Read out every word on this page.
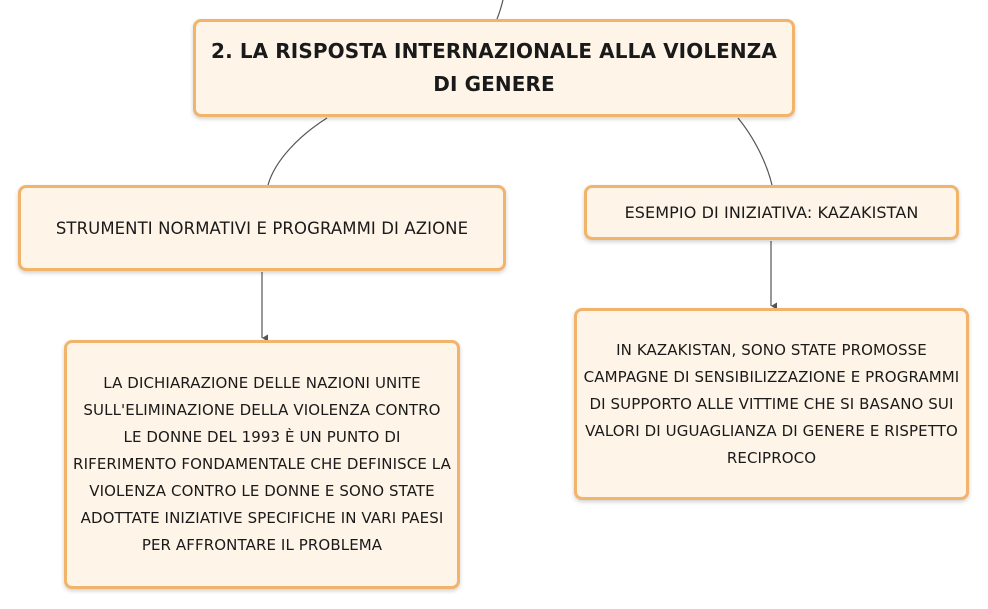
2. LA RISPOSTA INTERNAZIONALE ALLA VIOLENZA DI GENERE
STRUMENTI NORMATIVI E PROGRAMMI DI AZIONE
ESEMPIO DI INIZIATIVA: KAZAKISTAN
LA DICHIARAZIONE DELLE NAZIONI UNITE SULL'ELIMINAZIONE DELLA VIOLENZA CONTRO LE DONNE DEL 1993 È UN PUNTO DI RIFERIMENTO FONDAMENTALE CHE DEFINISCE LA VIOLENZA CONTRO LE DONNE E SONO STATE ADOTTATE INIZIATIVE SPECIFICHE IN VARI PAESI PER AFFRONTARE IL PROBLEMA
IN KAZAKISTAN, SONO STATE PROMOSSE CAMPAGNE DI SENSIBILIZZAZIONE E PROGRAMMI DI SUPPORTO ALLE VITTIME CHE SI BASANO SUI VALORI DI UGUAGLIANZA DI GENERE E RISPETTO RECIPROCO
